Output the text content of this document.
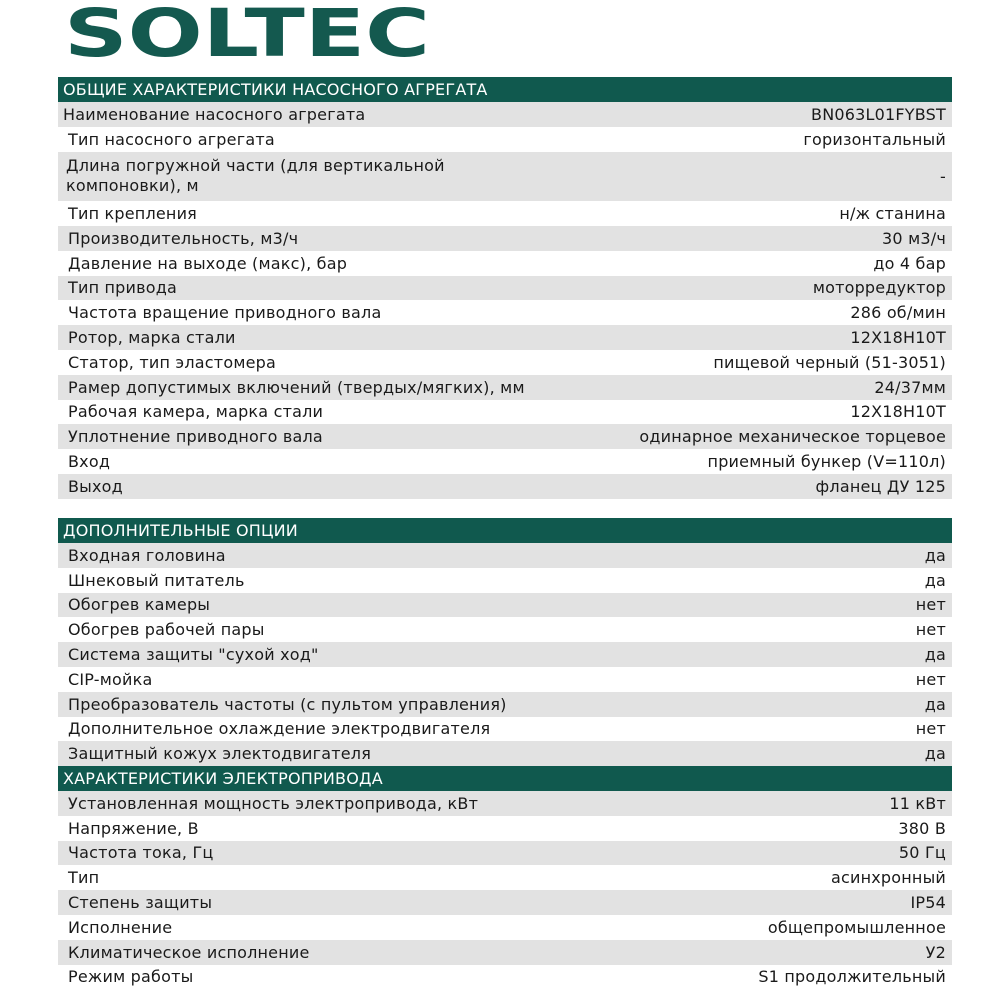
SOLTEC
ОБЩИЕ ХАРАКТЕРИСТИКИ НАСОСНОГО АГРЕГАТА
Наименование насосного агрегата	BN063L01FYBST
Тип насосного агрегата	горизонтальный
Длина погружной части (для вертикальной компоновки), м	-
Тип крепления	н/ж станина
Производительность, м3/ч	30 м3/ч
Давление на выходе (макс), бар	до 4 бар
Тип привода	моторредуктор
Частота вращение приводного вала	286 об/мин
Ротор, марка стали	12Х18Н10Т
Статор, тип эластомера	пищевой черный (51-3051)
Рамер допустимых включений (твердых/мягких), мм	24/37мм
Рабочая камера, марка стали	12Х18Н10Т
Уплотнение приводного вала	одинарное механическое торцевое
Вход	приемный бункер (V=110л)
Выход	фланец ДУ 125
ДОПОЛНИТЕЛЬНЫЕ ОПЦИИ
Входная головина	да
Шнековый питатель	да
Обогрев камеры	нет
Обогрев рабочей пары	нет
Система защиты "сухой ход"	да
CIP-мойка	нет
Преобразователь частоты (с пультом управления)	да
Дополнительное охлаждение электродвигателя	нет
Защитный кожух электодвигателя	да
ХАРАКТЕРИСТИКИ ЭЛЕКТРОПРИВОДА
Установленная мощность электропривода, кВт	11 кВт
Напряжение, В	380 В
Частота тока, Гц	50 Гц
Тип	асинхронный
Степень защиты	IP54
Исполнение	общепромышленное
Климатическое исполнение	У2
Режим работы	S1 продолжительный
